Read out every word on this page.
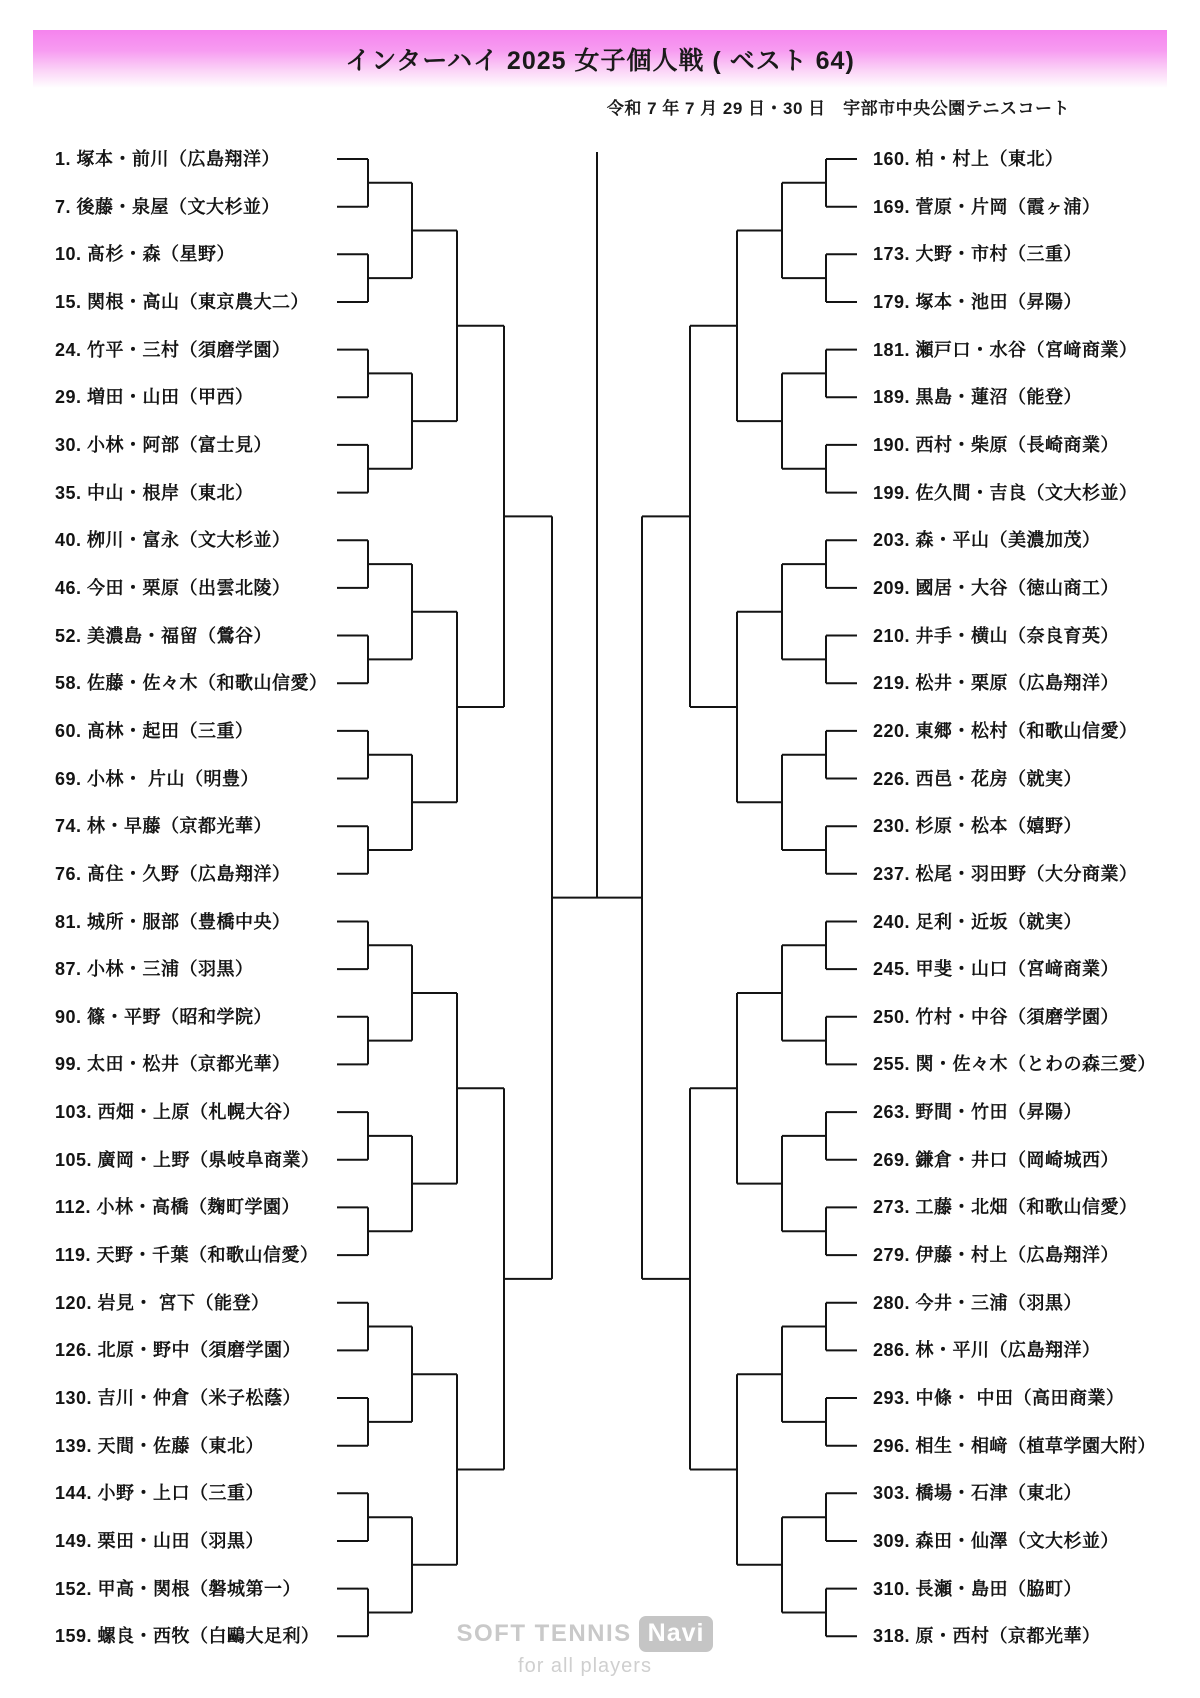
インターハイ 2025 女子個人戦 ( ベスト 64)
令和 7 年 7 月 29 日・30 日　宇部市中央公園テニスコート
1. 塚本・前川（広島翔洋）
7. 後藤・泉屋（文大杉並）
10. 髙杉・森（星野）
15. 関根・高山（東京農大二）
24. 竹平・三村（須磨学園）
29. 増田・山田（甲西）
30. 小林・阿部（富士見）
35. 中山・根岸（東北）
40. 栁川・富永（文大杉並）
46. 今田・栗原（出雲北陵）
52. 美濃島・福留（鶯谷）
58. 佐藤・佐々木（和歌山信愛）
60. 髙林・起田（三重）
69. 小林・ 片山（明豊）
74. 林・早藤（京都光華）
76. 髙住・久野（広島翔洋）
81. 城所・服部（豊橋中央）
87. 小林・三浦（羽黒）
90. 篠・平野（昭和学院）
99. 太田・松井（京都光華）
103. 西畑・上原（札幌大谷）
105. 廣岡・上野（県岐阜商業）
112. 小林・高橋（麹町学園）
119. 天野・千葉（和歌山信愛）
120. 岩見・ 宮下（能登）
126. 北原・野中（須磨学園）
130. 吉川・仲倉（米子松蔭）
139. 天間・佐藤（東北）
144. 小野・上口（三重）
149. 栗田・山田（羽黒）
152. 甲高・関根（磐城第一）
159. 螺良・西牧（白鷗大足利）
160. 柏・村上（東北）
169. 菅原・片岡（霞ヶ浦）
173. 大野・市村（三重）
179. 塚本・池田（昇陽）
181. 瀬戸口・水谷（宮﨑商業）
189. 黒島・蓮沼（能登）
190. 西村・柴原（長崎商業）
199. 佐久間・吉良（文大杉並）
203. 森・平山（美濃加茂）
209. 國居・大谷（徳山商工）
210. 井手・横山（奈良育英）
219. 松井・栗原（広島翔洋）
220. 東郷・松村（和歌山信愛）
226. 西邑・花房（就実）
230. 杉原・松本（嬉野）
237. 松尾・羽田野（大分商業）
240. 足利・近坂（就実）
245. 甲斐・山口（宮﨑商業）
250. 竹村・中谷（須磨学園）
255. 関・佐々木（とわの森三愛）
263. 野間・竹田（昇陽）
269. 鎌倉・井口（岡崎城西）
273. 工藤・北畑（和歌山信愛）
279. 伊藤・村上（広島翔洋）
280. 今井・三浦（羽黒）
286. 林・平川（広島翔洋）
293. 中條・ 中田（高田商業）
296. 相生・相﨑（植草学園大附）
303. 橋場・石津（東北）
309. 森田・仙澤（文大杉並）
310. 長瀬・島田（脇町）
318. 原・西村（京都光華）
SOFT TENNIS Navi
for all players
